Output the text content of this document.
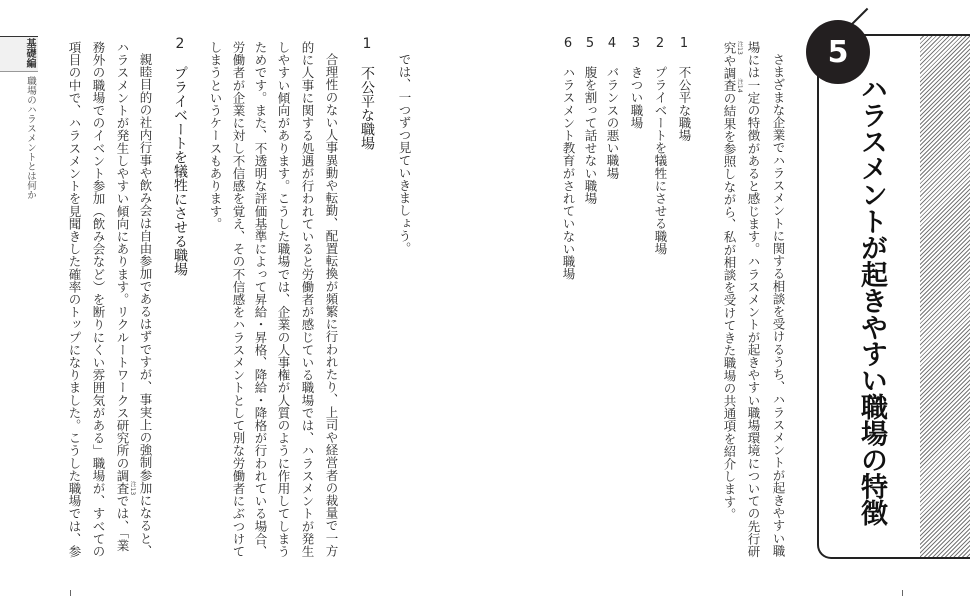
基礎編
職場のハラスメントとは何か
5
ハラスメントが起きやすい職場の特徴
さまざまな企業でハラスメントに関する相談を受けるうち、ハラスメントが起きやすい職
場には一定の特徴があると感じます。ハラスメントが起きやすい職場環境についての先行研
究 注13や調査 注14の結果を参照しながら、私が相談を受けてきた職場の共通項を紹介します。
1
不公平な職場
2
プライベートを犠牲にさせる職場
3
きつい職場
4
バランスの悪い職場
5
腹を割って話せない職場
6
ハラスメント教育がされていない職場
では、一つずつ見ていきましょう。
1
不公平な職場
合理性のない人事異動や転勤、配置転換が頻繁に行われたり、上司や経営者の裁量で一方
的に人事に関する処遇が行われていると労働者が感じている職場では、ハラスメントが発生
しやすい傾向があります。こうした職場では、企業の人事権が人質のように作用してしまう
ためです。また、不透明な評価基準によって昇給・昇格、降給・降格が行われている場合、
労働者が企業に対し不信感を覚え、その不信感をハラスメントとして別な労働者にぶつけて
しまうというケースもあります。
2
プライベートを犠牲にさせる職場
親睦目的の社内行事や飲み会は自由参加であるはずですが、事実上の強制参加になると、
ハラスメントが発生しやすい傾向にあります。リクルートワークス研究所の調査 注13では、「業
務外の職場でのイベント参加（飲み会など）を断りにくい雰囲気がある」職場が、すべての
項目の中で、ハラスメントを見聞きした確率のトップになりました。こうした職場では、参
